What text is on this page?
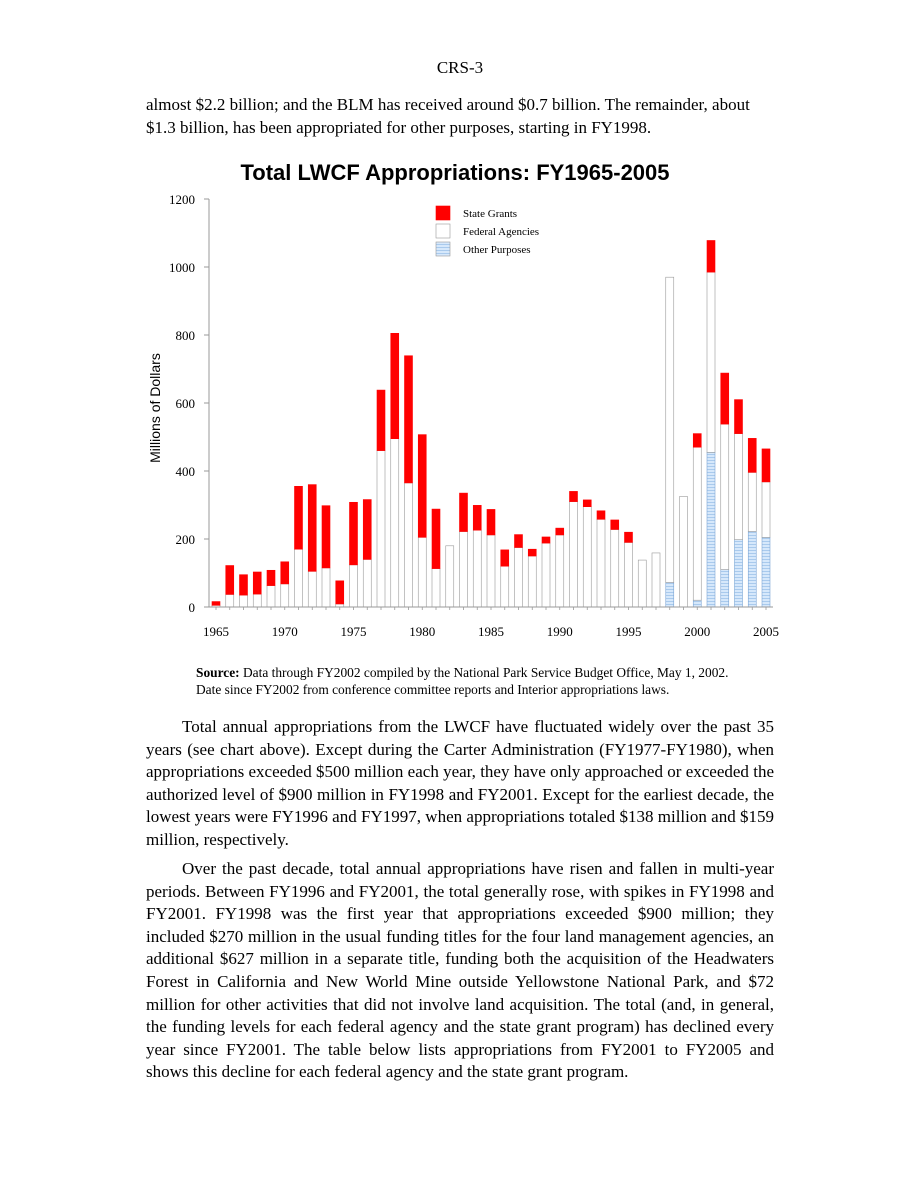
CRS-3

almost $2.2 billion; and the BLM has received around $0.7 billion. The remainder, about $1.3 billion, has been appropriated for other purposes, starting in FY1998.

Total LWCF Appropriations: FY1965-2005
0
200
400
600
800
1000
1200
Millions of Dollars
1965	1970	1975	1980	1985	1990	1995	2000	2005
State Grants
Federal Agencies
Other Purposes

Source: Data through FY2002 compiled by the National Park Service Budget Office, May 1, 2002. Date since FY2002 from conference committee reports and Interior appropriations laws.

Total annual appropriations from the LWCF have fluctuated widely over the past 35 years (see chart above). Except during the Carter Administration (FY1977-FY1980), when appropriations exceeded $500 million each year, they have only approached or exceeded the authorized level of $900 million in FY1998 and FY2001. Except for the earliest decade, the lowest years were FY1996 and FY1997, when appropriations totaled $138 million and $159 million, respectively.

Over the past decade, total annual appropriations have risen and fallen in multi-year periods. Between FY1996 and FY2001, the total generally rose, with spikes in FY1998 and FY2001. FY1998 was the first year that appropriations exceeded $900 million; they included $270 million in the usual funding titles for the four land management agencies, an additional $627 million in a separate title, funding both the acquisition of the Headwaters Forest in California and New World Mine outside Yellowstone National Park, and $72 million for other activities that did not involve land acquisition. The total (and, in general, the funding levels for each federal agency and the state grant program) has declined every year since FY2001. The table below lists appropriations from FY2001 to FY2005 and shows this decline for each federal agency and the state grant program.
